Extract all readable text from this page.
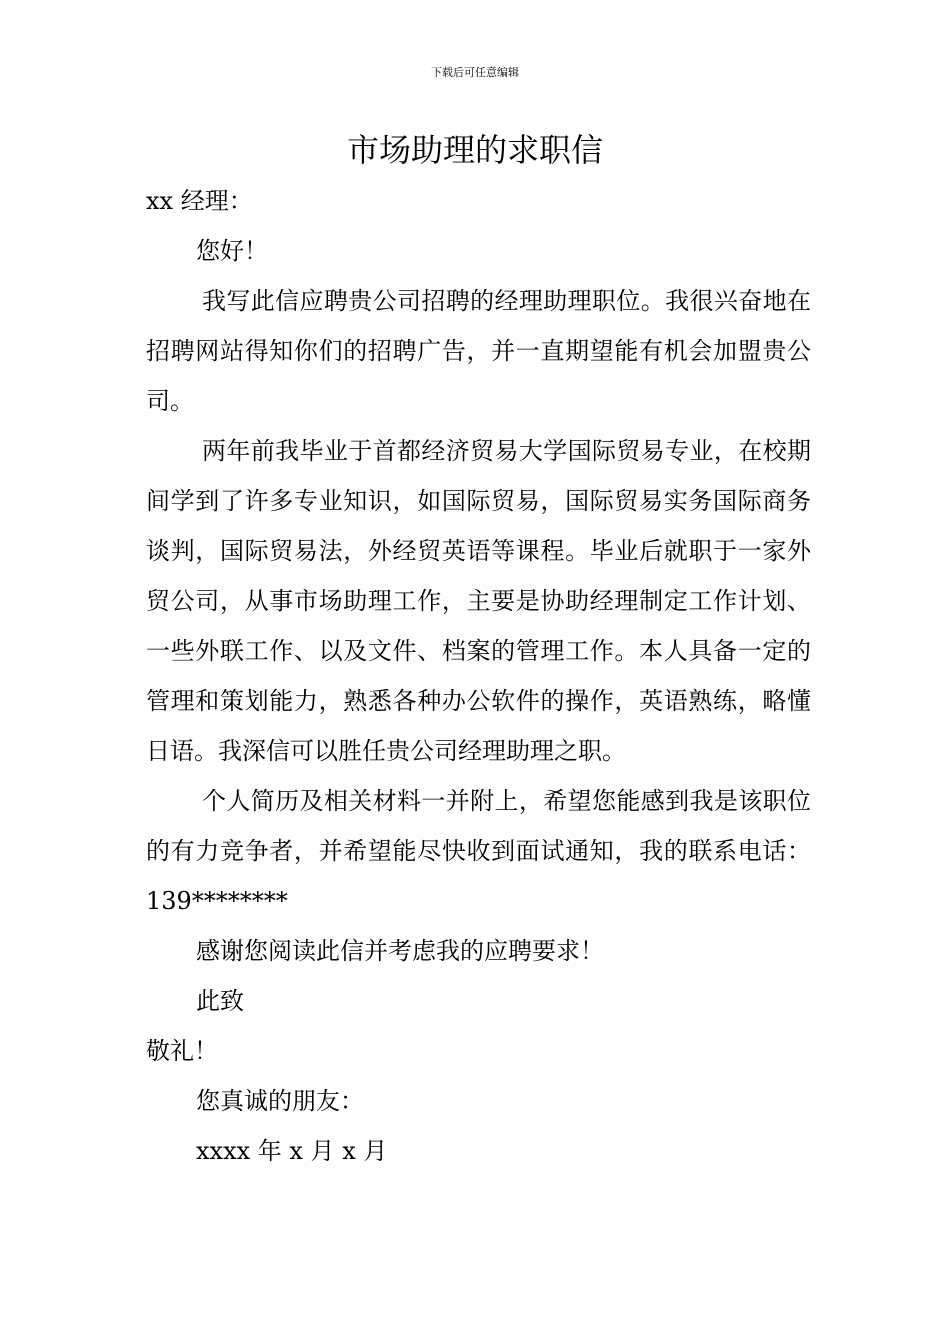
下载后可任意编辑
市场助理的求职信
xx 经理：
您好！
我写此信应聘贵公司招聘的经理助理职位。我很兴奋地在招聘网站得知你们的招聘广告，并一直期望能有机会加盟贵公司。
两年前我毕业于首都经济贸易大学国际贸易专业，在校期间学到了许多专业知识，如国际贸易，国际贸易实务国际商务谈判，国际贸易法，外经贸英语等课程。毕业后就职于一家外贸公司，从事市场助理工作，主要是协助经理制定工作计划、一些外联工作、以及文件、档案的管理工作。本人具备一定的管理和策划能力，熟悉各种办公软件的操作，英语熟练，略懂日语。我深信可以胜任贵公司经理助理之职。
个人简历及相关材料一并附上，希望您能感到我是该职位的有力竞争者，并希望能尽快收到面试通知，我的联系电话：139********
感谢您阅读此信并考虑我的应聘要求！
此致
敬礼！
您真诚的朋友：
xxxx 年 x 月 x 月
